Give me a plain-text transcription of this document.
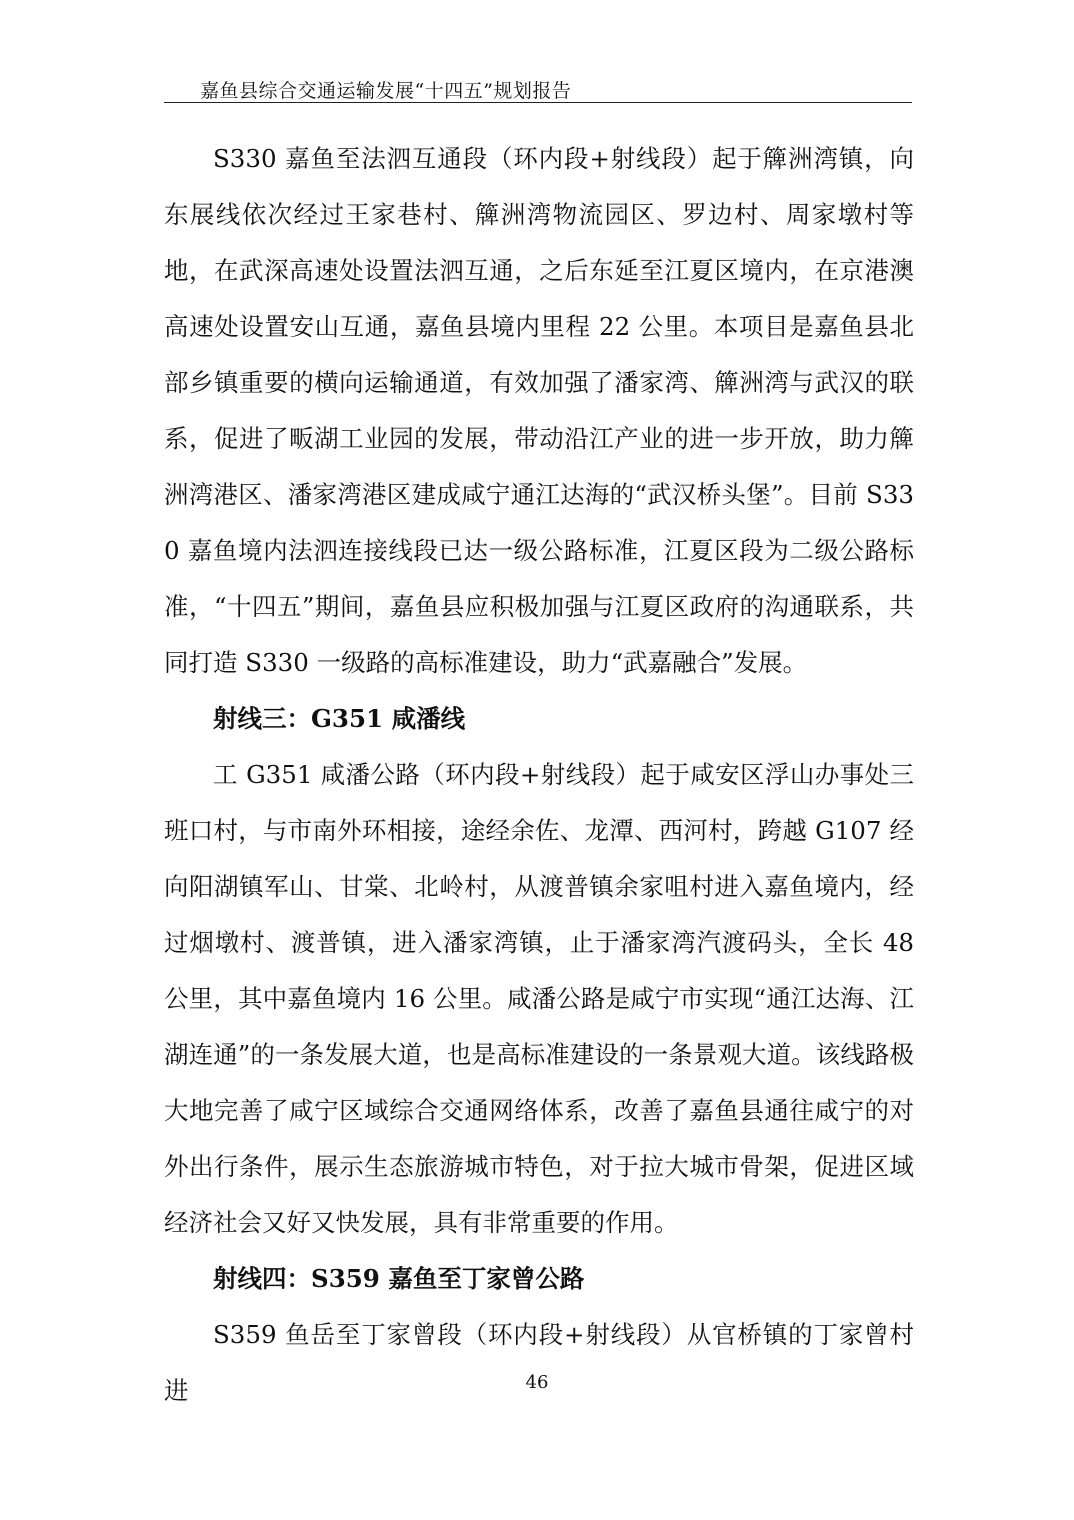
嘉鱼县综合交通运输发展“十四五”规划报告

S330 嘉鱼至法泗互通段（环内段+射线段）起于簰洲湾镇，向东展线依次经过王家巷村、簰洲湾物流园区、罗边村、周家墩村等地，在武深高速处设置法泗互通，之后东延至江夏区境内，在京港澳高速处设置安山互通，嘉鱼县境内里程 22 公里。本项目是嘉鱼县北部乡镇重要的横向运输通道，有效加强了潘家湾、簰洲湾与武汉的联系，促进了畈湖工业园的发展，带动沿江产业的进一步开放，助力簰洲湾港区、潘家湾港区建成咸宁通江达海的“武汉桥头堡”。目前 S330 嘉鱼境内法泗连接线段已达一级公路标准，江夏区段为二级公路标准，“十四五”期间，嘉鱼县应积极加强与江夏区政府的沟通联系，共同打造 S330 一级路的高标准建设，助力“武嘉融合”发展。

射线三：G351 咸潘线

工 G351 咸潘公路（环内段+射线段）起于咸安区浮山办事处三班口村，与市南外环相接，途经余佐、龙潭、西河村，跨越 G107 经向阳湖镇军山、甘棠、北岭村，从渡普镇余家咀村进入嘉鱼境内，经过烟墩村、渡普镇，进入潘家湾镇，止于潘家湾汽渡码头，全长 48 公里，其中嘉鱼境内 16 公里。咸潘公路是咸宁市实现“通江达海、江湖连通”的一条发展大道，也是高标准建设的一条景观大道。该线路极大地完善了咸宁区域综合交通网络体系，改善了嘉鱼县通往咸宁的对外出行条件，展示生态旅游城市特色，对于拉大城市骨架，促进区域经济社会又好又快发展，具有非常重要的作用。

射线四：S359 嘉鱼至丁家曾公路

S359 鱼岳至丁家曾段（环内段+射线段）从官桥镇的丁家曾村进	46
